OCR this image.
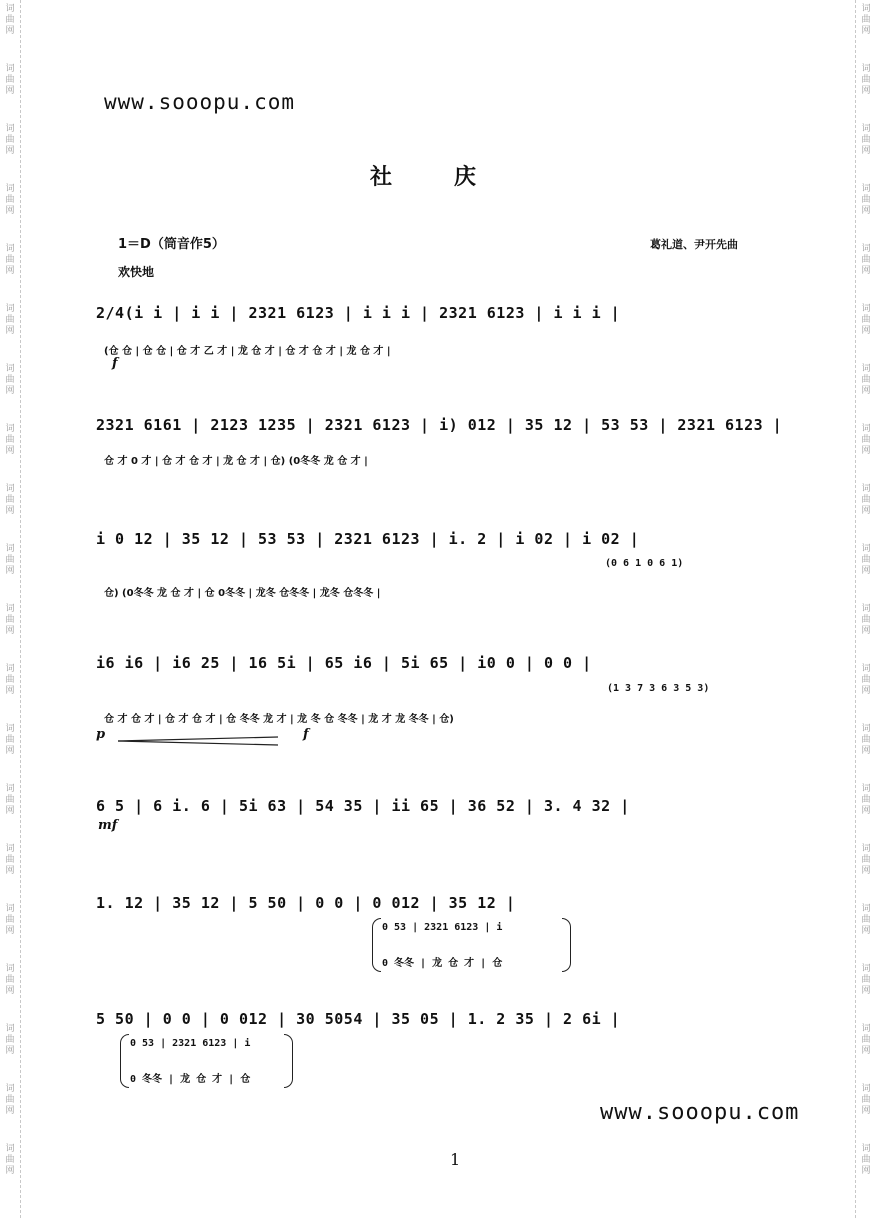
词
曲
网
词
曲
网
词
曲
网
词
曲
网
词
曲
网
词
曲
网
词
曲
网
词
曲
网
词
曲
网
词
曲
网
词
曲
网
词
曲
网
词
曲
网
词
曲
网
词
曲
网
词
曲
网
词
曲
网
词
曲
网
词
曲
网
词
曲
网
词
曲
网
词
曲
网
词
曲
网
词
曲
网
词
曲
网
词
曲
网
词
曲
网
词
曲
网
词
曲
网
词
曲
网
词
曲
网
词
曲
网
词
曲
网
词
曲
网
词
曲
网
词
曲
网
词
曲
网
词
曲
网
词
曲
网
词
曲
网
www.sooopu.com
社庆
1＝D（筒音作5）	葛礼道、尹开先曲
欢快地
2/4(i i | i i | 2321 6123 | i i i | 2321 6123 | i i i |
(仓 仓 | 仓 仓 | 仓 才 乙 才 | 龙 仓 才 | 仓 才 仓 才 | 龙 仓 才 |
f
2321 6161 | 2123 1235 | 2321 6123 | i) 012 | 35 12 | 53 53 | 2321 6123 |
仓 才 0 才 | 仓 才 仓 才 | 龙 仓 才 | 仓) (0冬冬 龙 仓 才 |
i 0 12 | 35 12 | 53 53 | 2321 6123 | i. 2 | i 02 | i 02 |
(0 6 1 0 6 1)
仓) (0冬冬 龙 仓 才 | 仓 0冬冬 | 龙冬 仓冬冬 | 龙冬 仓冬冬 |
i6 i6 | i6 25 | 16 5i | 65 i6 | 5i 65 | i0 0 | 0 0 |
(1 3 7 3 6 3 5 3)
仓 才 仓 才 | 仓 才 仓 才 | 仓 冬冬 龙 才 | 龙 冬 仓 冬冬 | 龙 才 龙 冬冬 | 仓)
p	f
6 5 | 6 i. 6 | 5i 63 | 54 35 | ii 65 | 36 52 | 3. 4 32 |
mf
1. 12 | 35 12 | 5 50 | 0 0 | 0 012 | 35 12 |
0 53 | 2321 6123 | i
0 冬冬 | 龙 仓 才 | 仓
5 50 | 0 0 | 0 012 | 30 5054 | 35 05 | 1. 2 35 | 2 6i |
0 53 | 2321 6123 | i
0 冬冬 | 龙 仓 才 | 仓
www.sooopu.com
1
